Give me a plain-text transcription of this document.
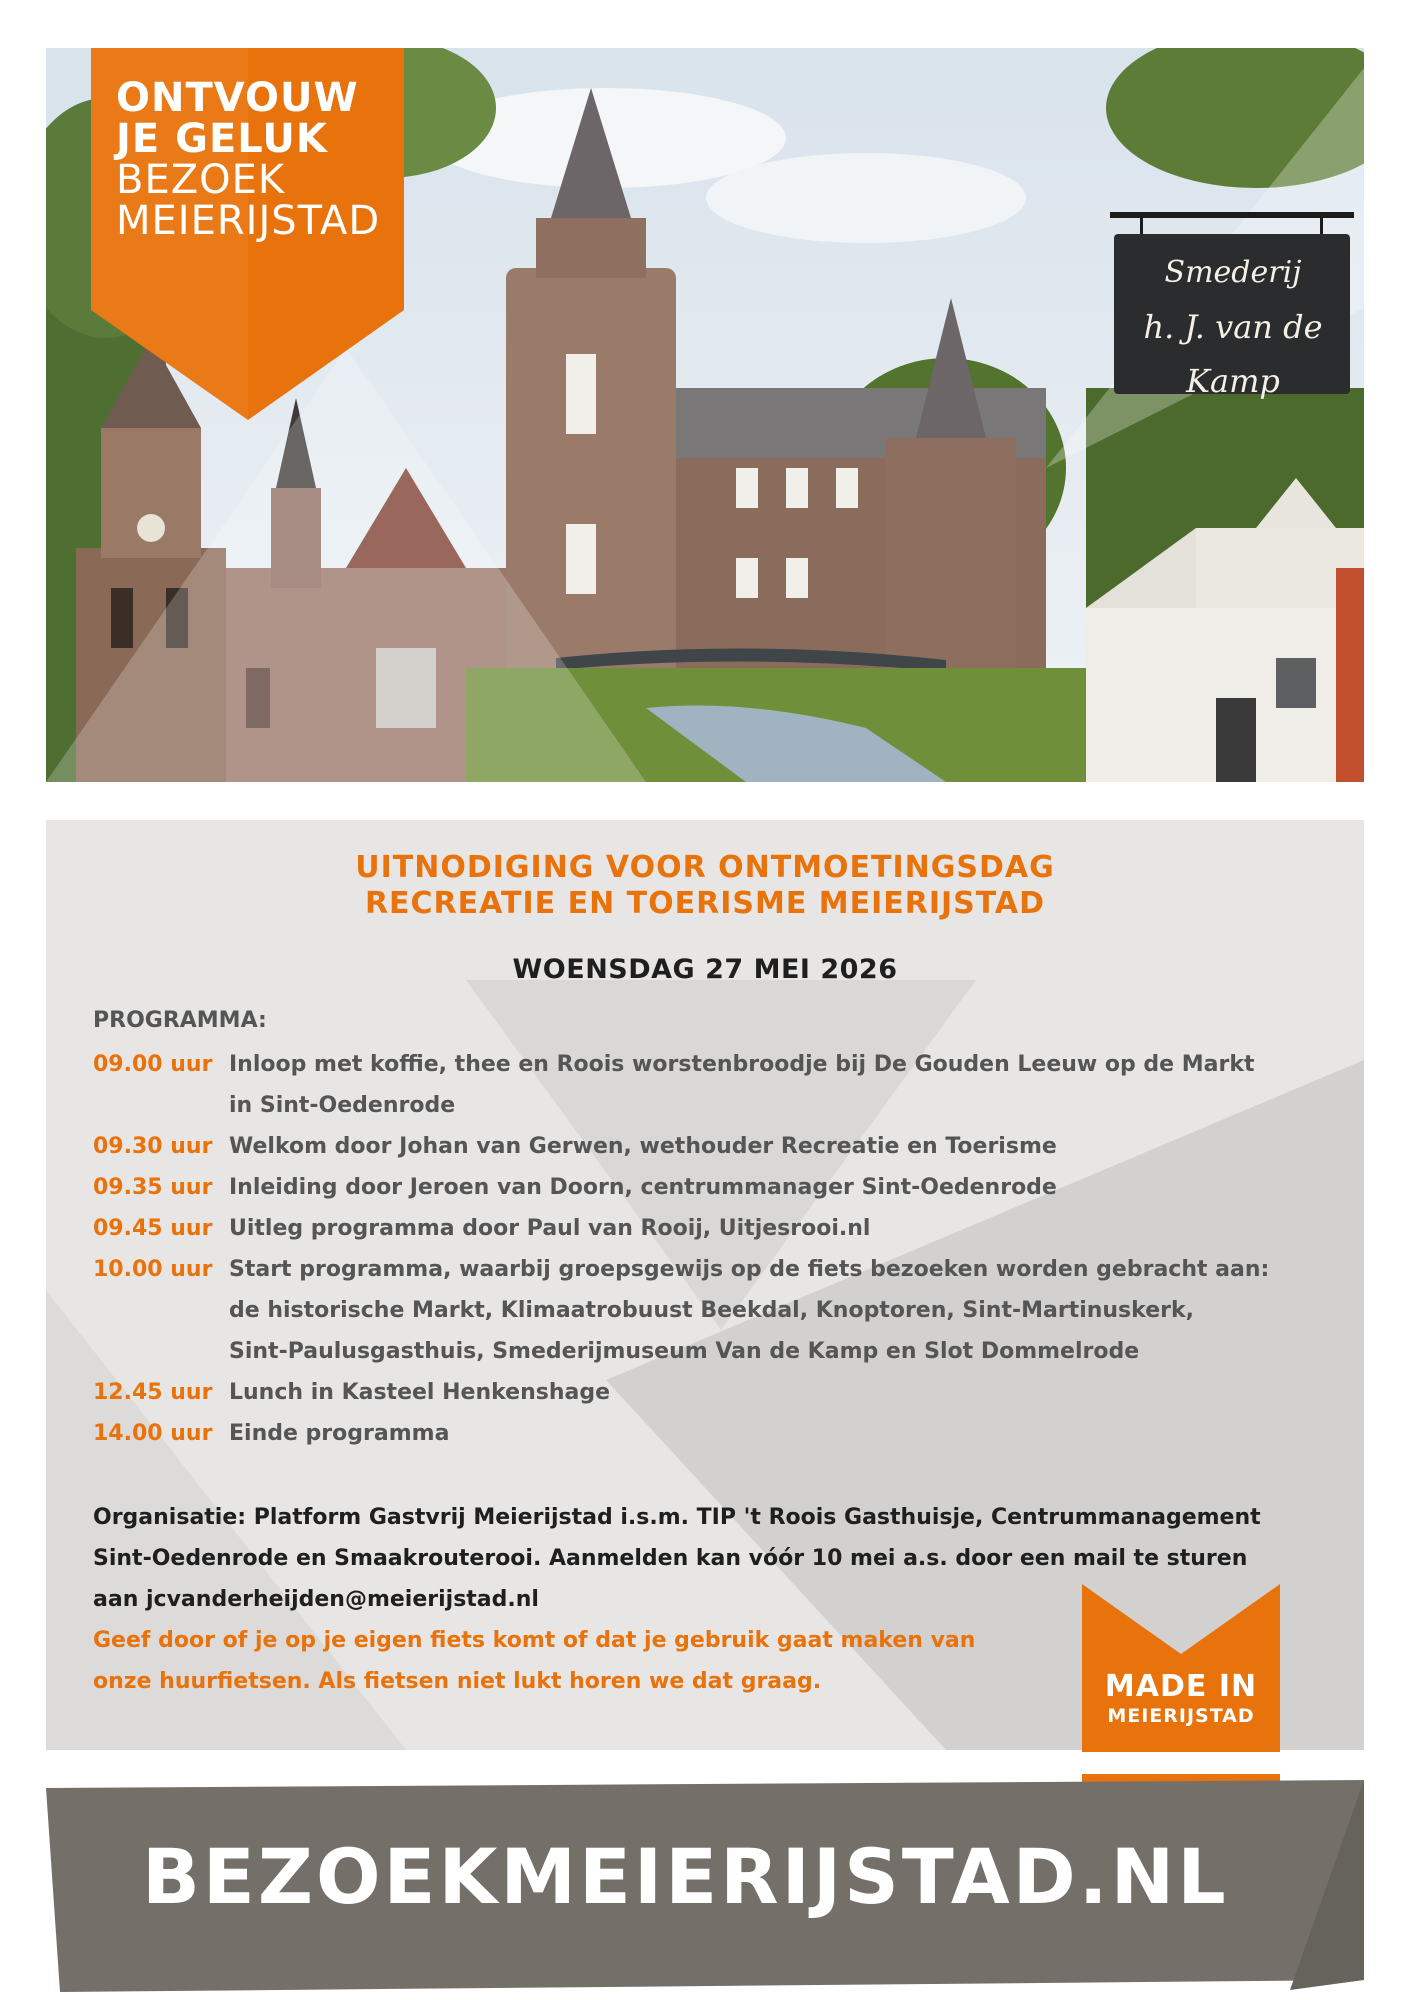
ONTVOUW
JE GELUK
BEZOEK
MEIERIJSTAD
Smederij
h. J. van de Kamp
UITNODIGING VOOR ONTMOETINGSDAG
RECREATIE EN TOERISME MEIERIJSTAD
WOENSDAG 27 MEI 2026
PROGRAMMA:
09.00 uur Inloop met koffie, thee en Roois worstenbroodje bij De Gouden Leeuw op de Markt
in Sint-Oedenrode
09.30 uur Welkom door Johan van Gerwen, wethouder Recreatie en Toerisme
09.35 uur Inleiding door Jeroen van Doorn, centrummanager Sint-Oedenrode
09.45 uur Uitleg programma door Paul van Rooij, Uitjesrooi.nl
10.00 uur Start programma, waarbij groepsgewijs op de fiets bezoeken worden gebracht aan:
de historische Markt, Klimaatrobuust Beekdal, Knoptoren, Sint-Martinuskerk,
Sint-Paulusgasthuis, Smederijmuseum Van de Kamp en Slot Dommelrode
12.45 uur Lunch in Kasteel Henkenshage
14.00 uur Einde programma
Organisatie: Platform Gastvrij Meierijstad i.s.m. TIP 't Roois Gasthuisje, Centrummanagement
Sint-Oedenrode en Smaakrouterooi. Aanmelden kan vóór 10 mei a.s. door een mail te sturen
aan jcvanderheijden@meierijstad.nl
Geef door of je op je eigen fiets komt of dat je gebruik gaat maken van
onze huurfietsen. Als fietsen niet lukt horen we dat graag.	MADE IN
MEIERIJSTAD
BEZOEKMEIERIJSTAD.NL
